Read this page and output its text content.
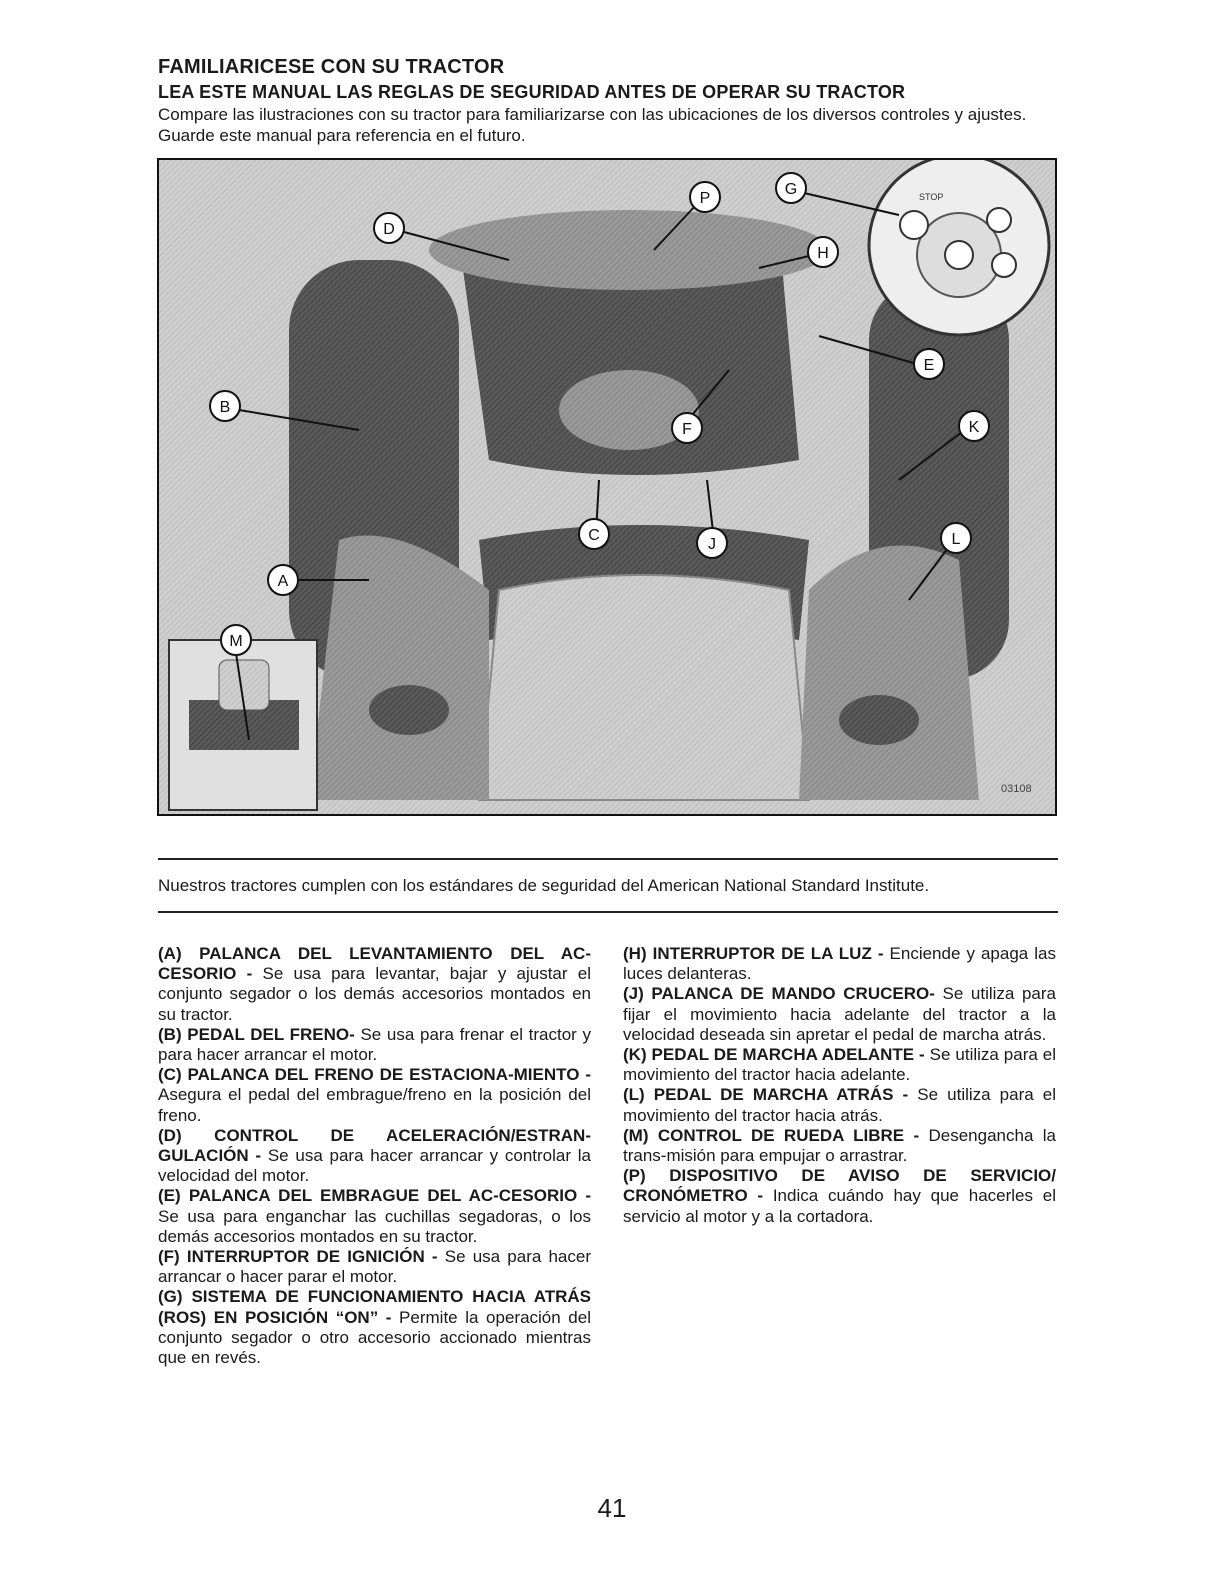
FAMILIARICESE CON SU TRACTOR
LEA ESTE MANUAL LAS REGLAS DE SEGURIDAD ANTES DE OPERAR SU TRACTOR
Compare las ilustraciones con su tractor para familiarizarse con las ubicaciones de los diversos controles y ajustes. Guarde este manual para referencia en el futuro.
STOP
P
G
D
H
B
E
F	K
C
J	L
A
M
03108
Nuestros tractores cumplen con los estándares de seguridad del American National Standard Institute.

(A) PALANCA DEL LEVANTAMIENTO DEL AC-CESORIO - Se usa para levantar, bajar y ajustar el conjunto segador o los demás accesorios montados en su tractor.

(B) PEDAL DEL FRENO- Se usa para frenar el tractor y para hacer arrancar el motor.

(C) PALANCA DEL FRENO DE ESTACIONA-MIENTO - Asegura el pedal del embrague/freno en la posición del freno.

(D) CONTROL DE ACELERACIÓN/ESTRAN-GULACIÓN - Se usa para hacer arrancar y controlar la velocidad del motor.

(E) PALANCA DEL EMBRAGUE DEL AC-CESORIO - Se usa para enganchar las cuchillas segadoras, o los demás accesorios montados en su tractor.

(F) INTERRUPTOR DE IGNICIÓN - Se usa para hacer arrancar o hacer parar el motor.

(G) SISTEMA DE FUNCIONAMIENTO HACIA ATRÁS (ROS) EN POSICIÓN “ON” - Permite la operación del conjunto segador o otro accesorio accionado mientras que en revés.

(H) INTERRUPTOR DE LA LUZ - Enciende y apaga las luces delanteras.

(J) PALANCA DE MANDO CRUCERO- Se utiliza para fijar el movimiento hacia adelante del tractor a la velocidad deseada sin apretar el pedal de marcha atrás.

(K) PEDAL DE MARCHA ADELANTE - Se utiliza para el movimiento del tractor hacia adelante.

(L) PEDAL DE MARCHA ATRÁS - Se utiliza para el movimiento del tractor hacia atrás.

(M) CONTROL DE RUEDA LIBRE - Desengancha la trans-misión para empujar o arrastrar.

(P) DISPOSITIVO DE AVISO DE SERVICIO/ CRONÓMETRO - Indica cuándo hay que hacerles el servicio al motor y a la cortadora.

41
